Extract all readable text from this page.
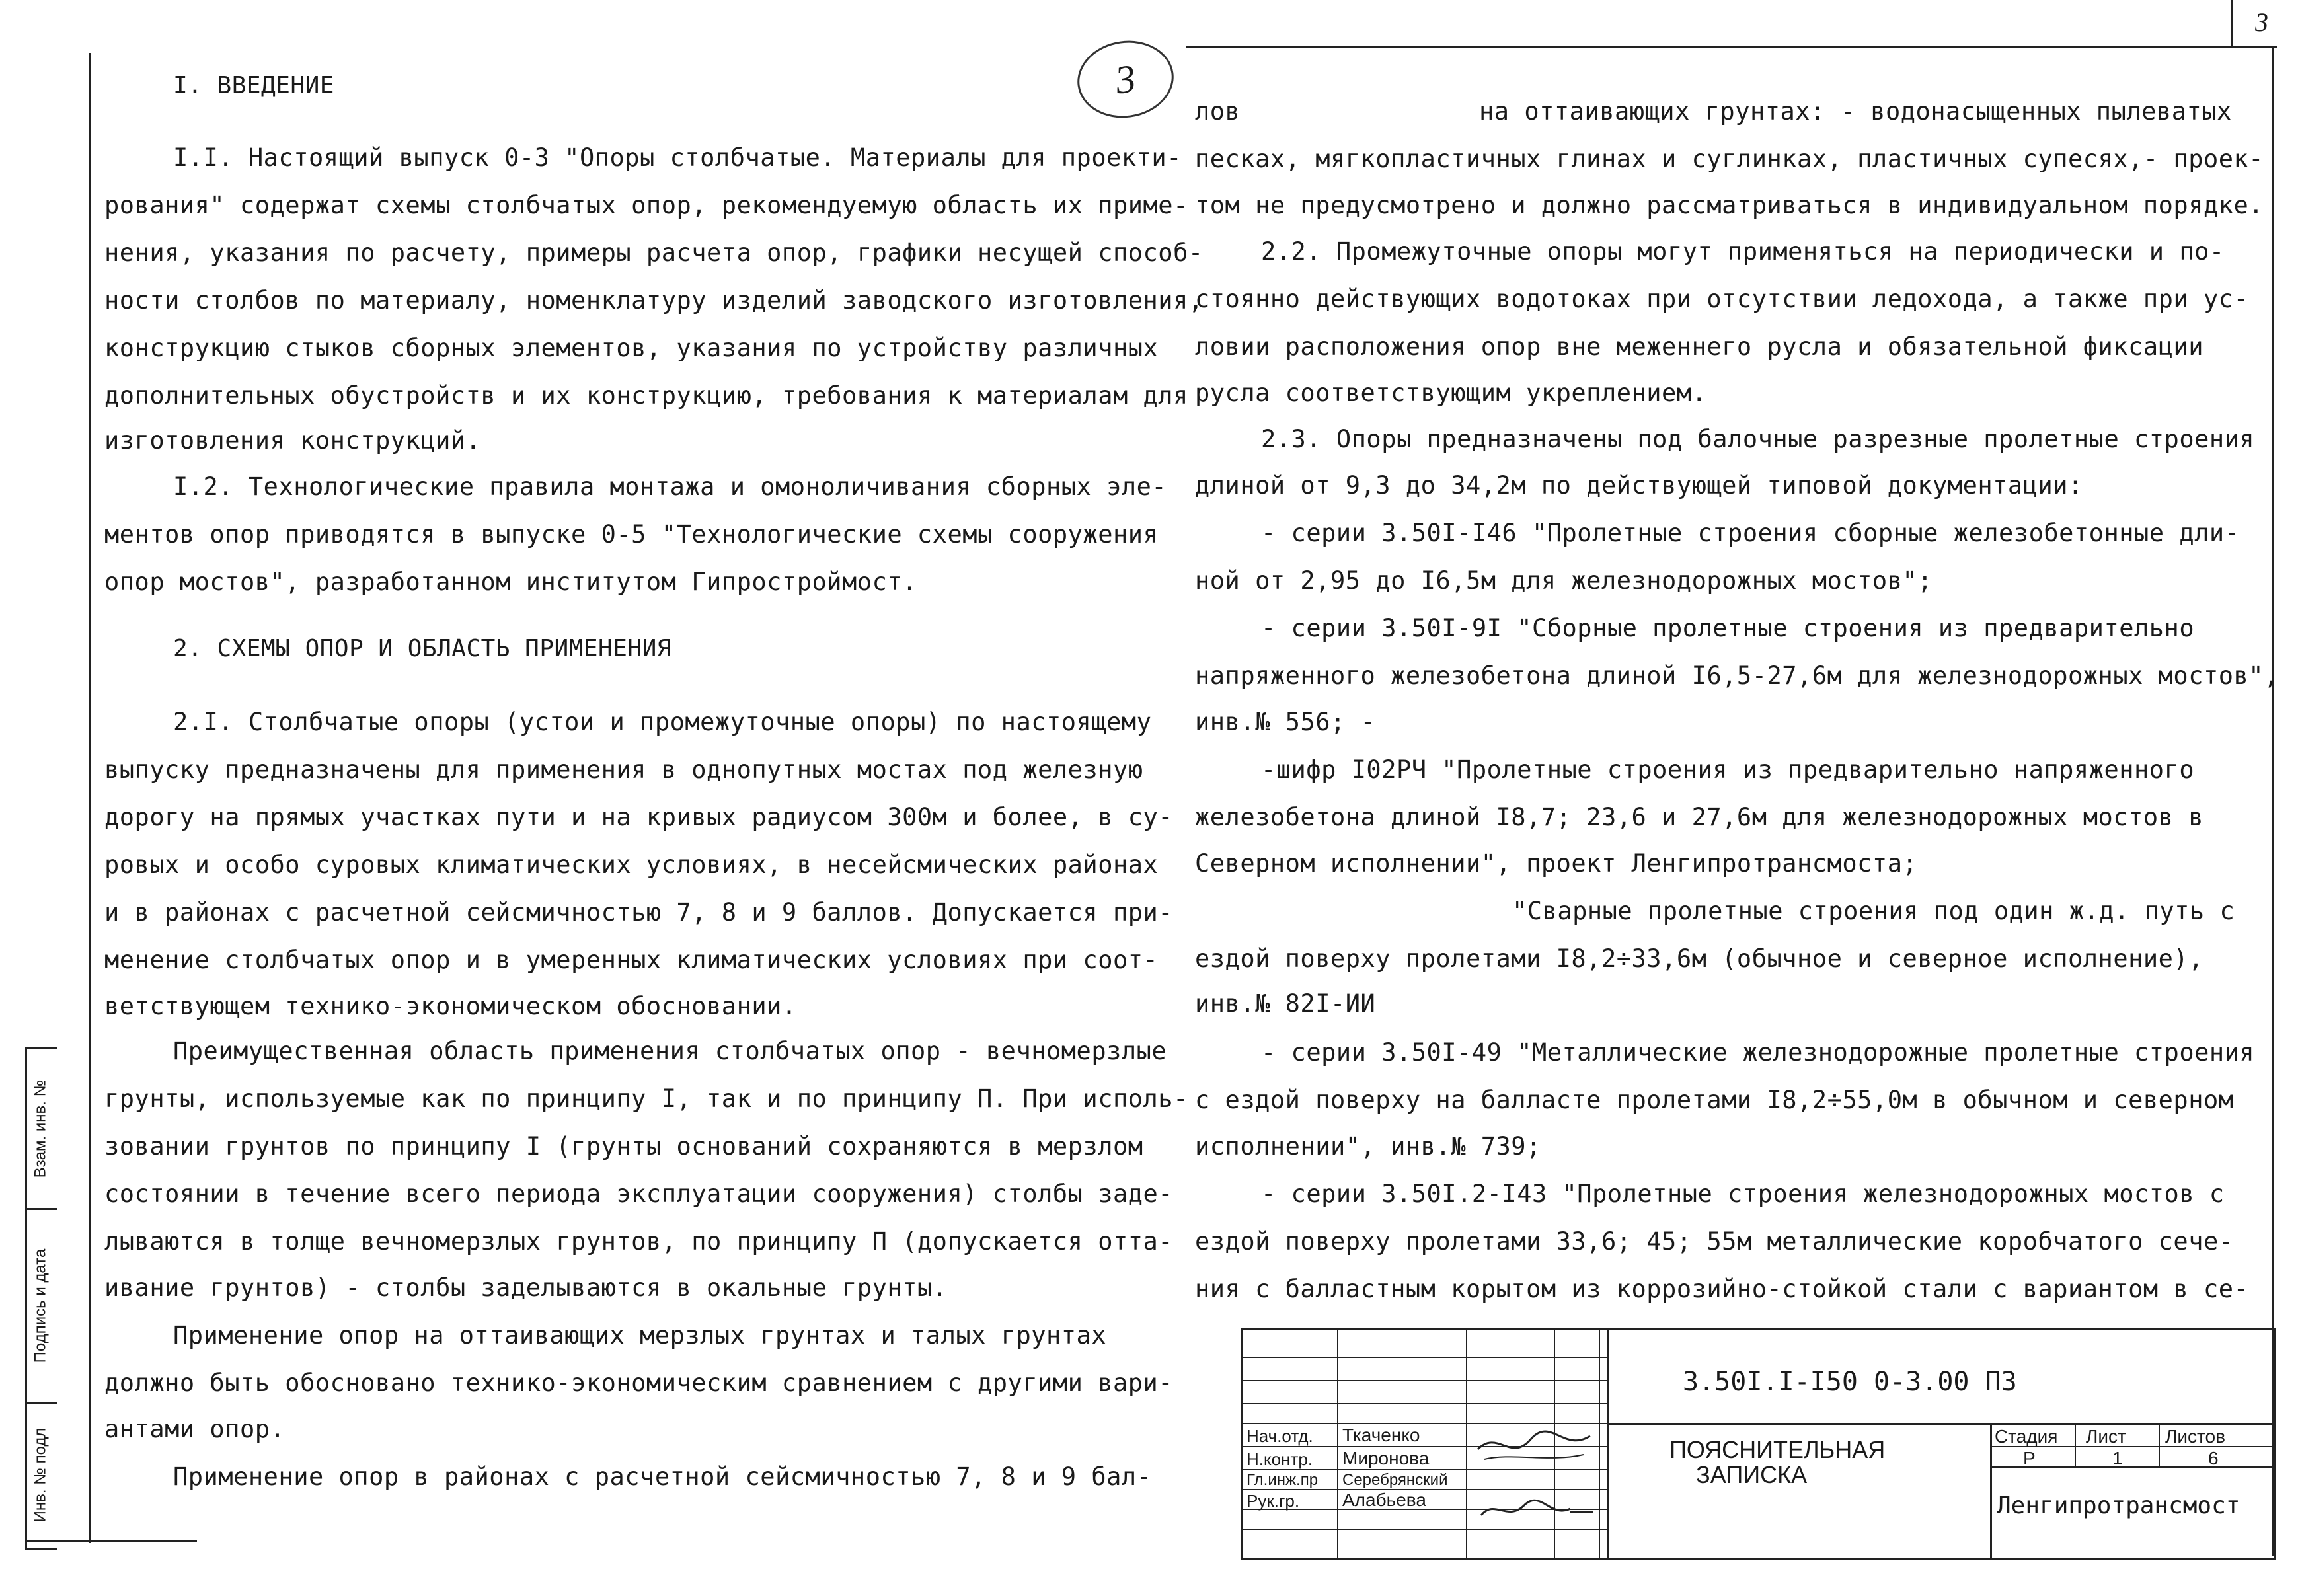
3
3
Взам. инв. №
Подпись и дата
Инв. № подл
I. ВВЕДЕНИЕ
I.I. Настоящий выпуск 0-3 "Опоры столбчатые. Материалы для проекти-
рования" содержат схемы столбчатых опор, рекомендуемую область их приме-
нения, указания по расчету, примеры расчета опор, графики несущей способ-
ности столбов по материалу, номенклатуру изделий заводского изготовления,
конструкцию стыков сборных элементов, указания по устройству различных
дополнительных обустройств и их конструкцию, требования к материалам для
изготовления конструкций.
I.2. Технологические правила монтажа и омоноличивания сборных эле-
ментов опор приводятся в выпуске 0-5 "Технологические схемы сооружения
опор мостов", разработанном институтом Гипростроймост.
2. СХЕМЫ ОПОР И ОБЛАСТЬ ПРИМЕНЕНИЯ
2.I. Столбчатые опоры (устои и промежуточные опоры) по настоящему
выпуску предназначены для применения в однопутных мостах под железную
дорогу на прямых участках пути и на кривых радиусом 300м и более, в су-
ровых и особо суровых климатических условиях, в несейсмических районах
и в районах с расчетной сейсмичностью 7, 8 и 9 баллов. Допускается при-
менение столбчатых опор и в умеренных климатических условиях при соот-
ветствующем технико-экономическом обосновании.
Преимущественная область применения столбчатых опор - вечномерзлые
грунты, используемые как по принципу I, так и по принципу П. При исполь-
зовании грунтов по принципу I (грунты оснований сохраняются в мерзлом
состоянии в течение всего периода эксплуатации сооружения) столбы заде-
лываются в толще вечномерзлых грунтов, по принципу П (допускается отта-
ивание грунтов) - столбы заделываются в окальные грунты.
Применение опор на оттаивающих мерзлых грунтах и талых грунтах
должно быть обосновано технико-экономическим сравнением с другими вари-
антами опор.
Применение опор в районах с расчетной сейсмичностью 7, 8 и 9 бал-
лов	на оттаивающих грунтах: - водонасыщенных пылеватых
песках, мягкопластичных глинах и суглинках, пластичных супесях,- проек-
том не предусмотрено и должно рассматриваться в индивидуальном порядке.
2.2. Промежуточные опоры могут применяться на периодически и по-
стоянно действующих водотоках при отсутствии ледохода, а также при ус-
ловии расположения опор вне меженнего русла и обязательной фиксации
русла соответствующим укреплением.
2.3. Опоры предназначены под балочные разрезные пролетные строения
длиной от 9,3 до 34,2м по действующей типовой документации:
- серии 3.50I-I46 "Пролетные строения сборные железобетонные дли-
ной от 2,95 до I6,5м для железнодорожных мостов";
- серии 3.50I-9I "Сборные пролетные строения из предварительно
напряженного железобетона длиной I6,5-27,6м для железнодорожных мостов",
инв.№ 556; -
-шифр I02РЧ "Пролетные строения из предварительно напряженного
железобетона длиной I8,7; 23,6 и 27,6м для железнодорожных мостов в
Северном исполнении", проект Ленгипротрансмоста;
"Сварные пролетные строения под один ж.д. путь с
ездой поверху пролетами I8,2÷33,6м (обычное и северное исполнение),
инв.№ 82I-ИИ
- серии 3.50I-49 "Металлические железнодорожные пролетные строения
с ездой поверху на балласте пролетами I8,2÷55,0м в обычном и северном
исполнении", инв.№ 739;
- серии 3.50I.2-I43 "Пролетные строения железнодорожных мостов с
ездой поверху пролетами 33,6; 45; 55м металлические коробчатого сече-
ния с балластным корытом из коррозийно-стойкой стали с вариантом в се-
3.50I.I-I50 0-3.00 ПЗ
ПОЯСНИТЕЛЬНАЯ
ЗАПИСКА
Стадия Лист Листов
Р	1	6
Ленгипротрансмост
Нач.отд. Ткаченко
Н.контр. Миронова
Гл.инж.пр Серебрянский
Рук.гр. Алабьева
